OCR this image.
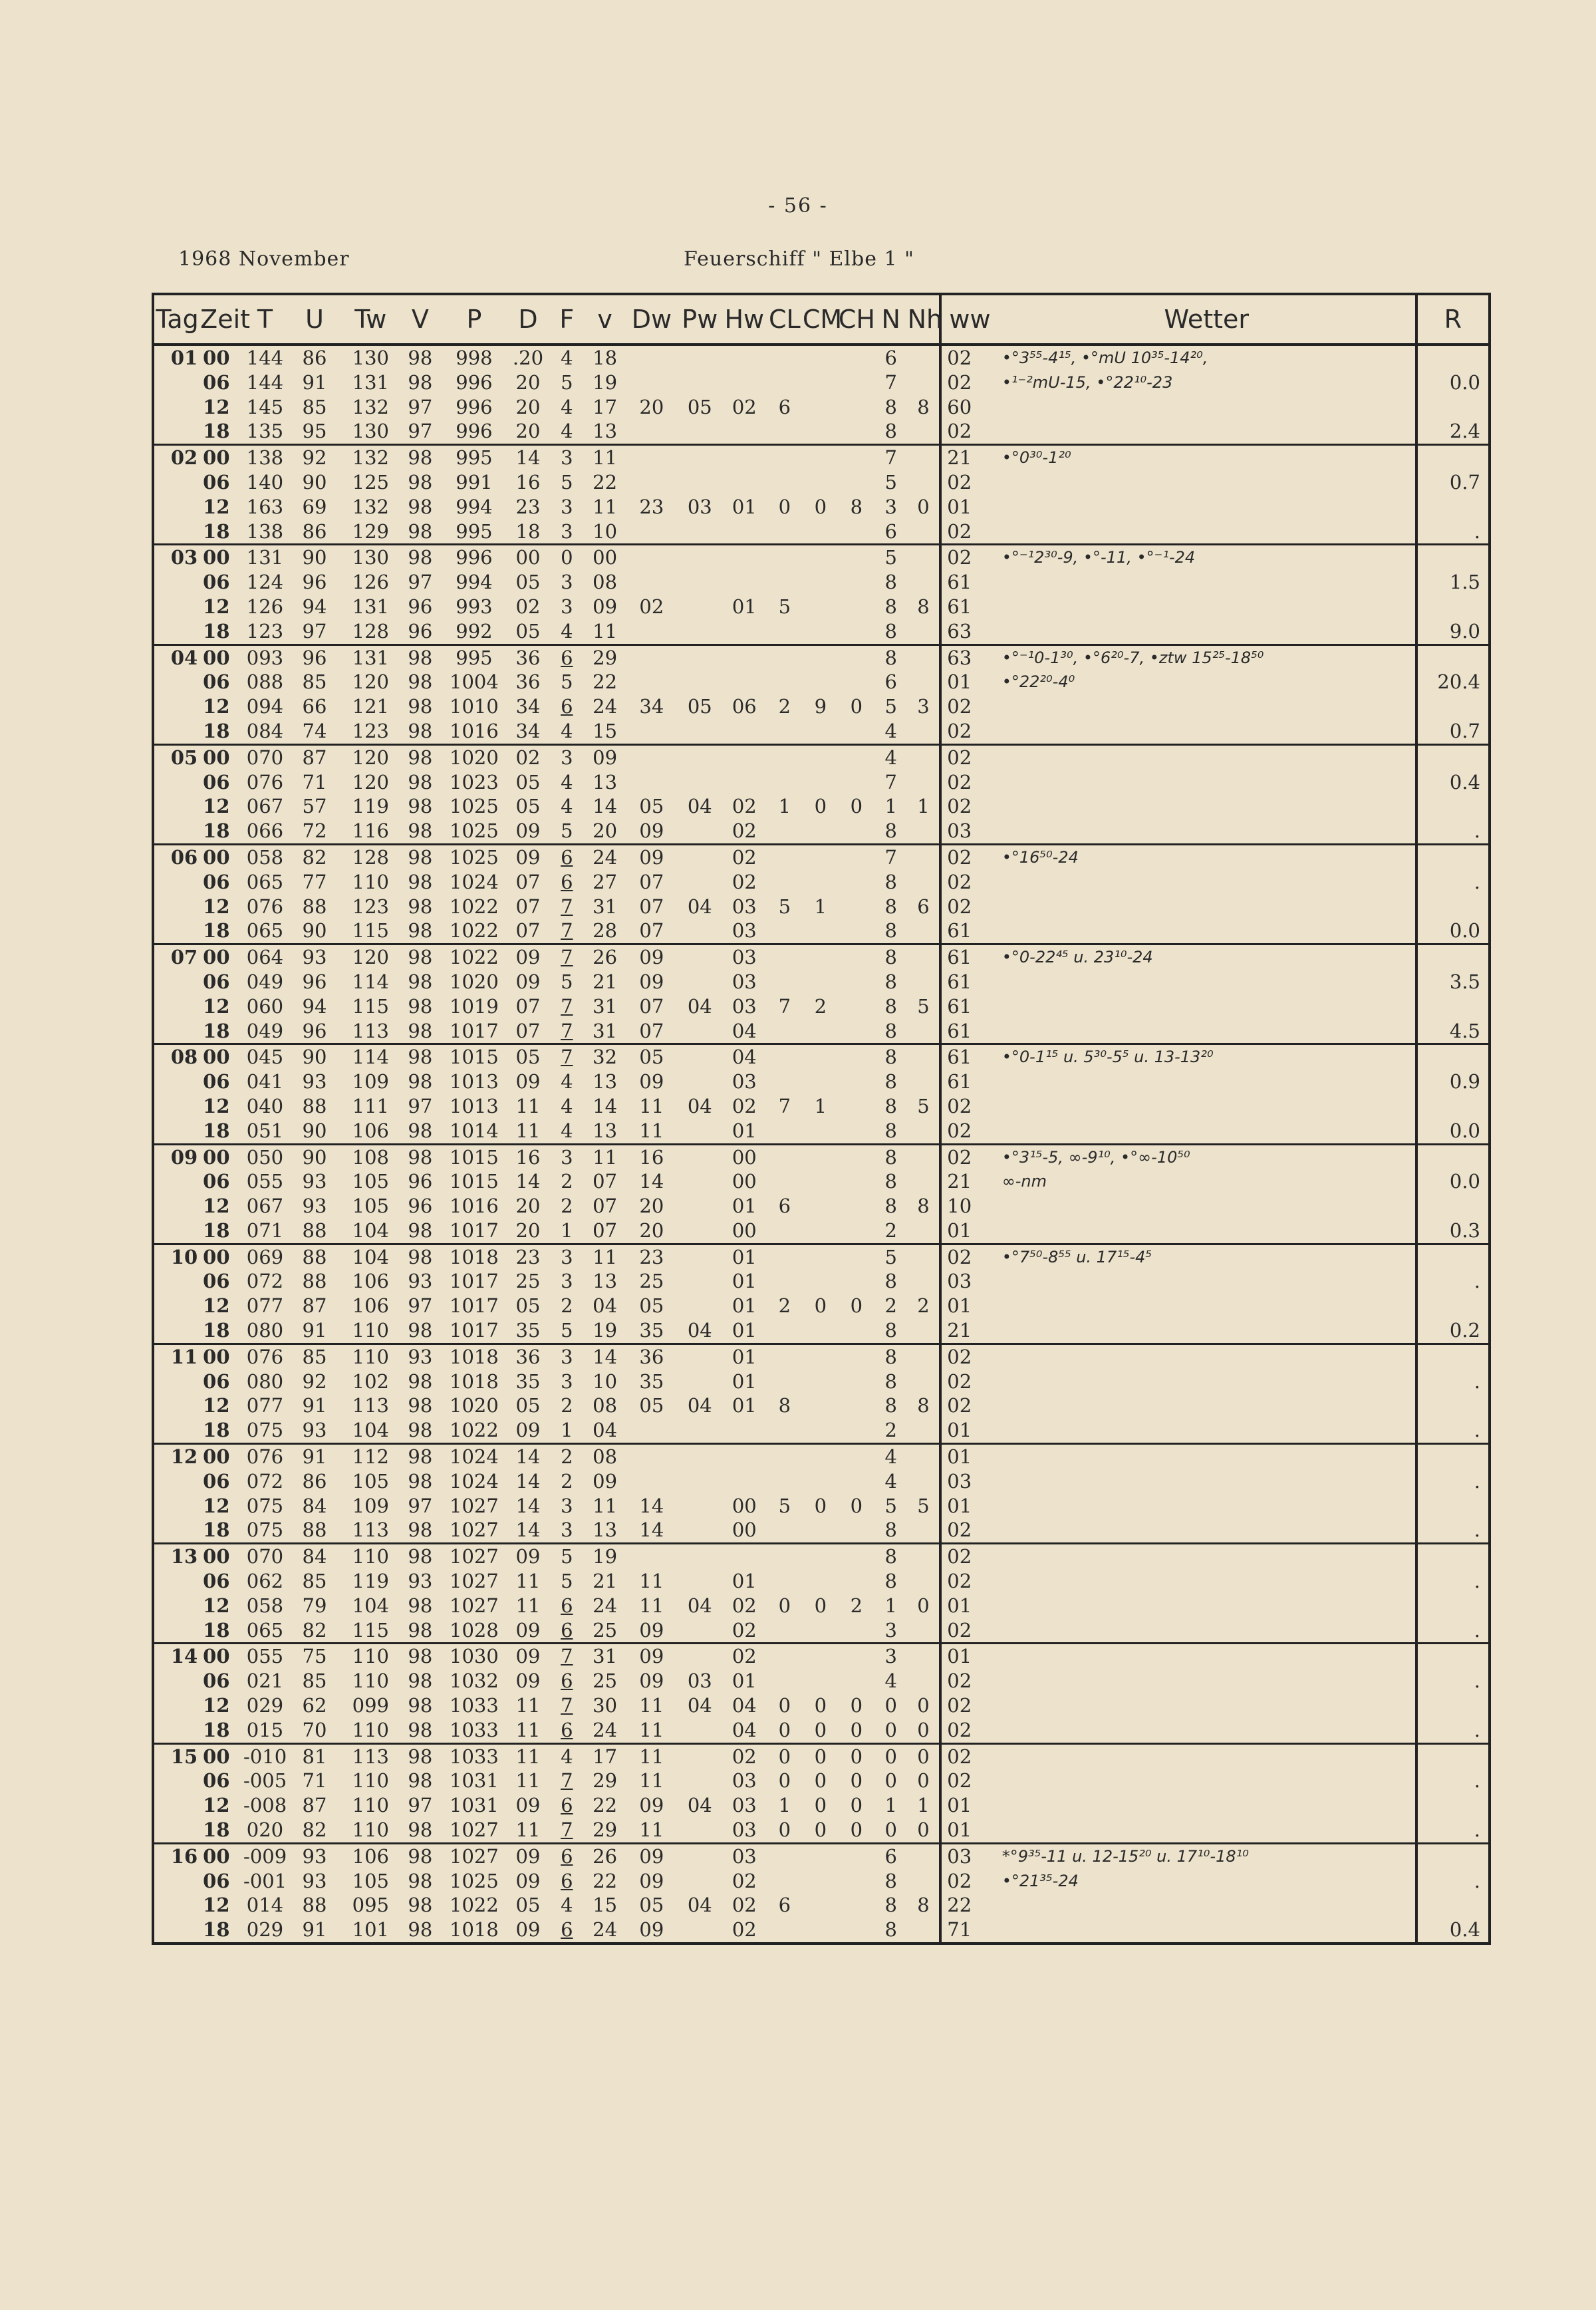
- 56 -
1968 November	Feuerschiff " Elbe 1 "
Tag	Zeit	T	U	Tw	V	P	D	F	v	Dw	Pw	Hw	CL	CM	CH	N	Nh	ww	Wetter	R
01	00	144	86	130	98	998	.20	4	18							6		02	•°3⁵⁵-4¹⁵, •°mU 10³⁵-14²⁰,	
	06	144	91	131	98	996	20	5	19							7		02	•¹⁻²mU-15, •°22¹⁰-23	0.0
	12	145	85	132	97	996	20	4	17	20	05	02	6			8	8	60		
	18	135	95	130	97	996	20	4	13							8		02		2.4
02	00	138	92	132	98	995	14	3	11							7		21	•°0³⁰-1²⁰	
	06	140	90	125	98	991	16	5	22							5		02		0.7
	12	163	69	132	98	994	23	3	11	23	03	01	0	0	8	3	0	01		
	18	138	86	129	98	995	18	3	10							6		02		.
03	00	131	90	130	98	996	00	0	00							5		02	•°⁻¹2³⁰-9, •°-11, •°⁻¹-24	
	06	124	96	126	97	994	05	3	08							8		61		1.5
	12	126	94	131	96	993	02	3	09	02		01	5			8	8	61		
	18	123	97	128	96	992	05	4	11							8		63		9.0
04	00	093	96	131	98	995	36	6	29							8		63	•°⁻¹0-1³⁰, •°6²⁰-7, •ztw 15²⁵-18⁵⁰	
	06	088	85	120	98	1004	36	5	22							6		01	•°22²⁰-4⁰	20.4
	12	094	66	121	98	1010	34	6	24	34	05	06	2	9	0	5	3	02		
	18	084	74	123	98	1016	34	4	15							4		02		0.7
05	00	070	87	120	98	1020	02	3	09							4		02		
	06	076	71	120	98	1023	05	4	13							7		02		0.4
	12	067	57	119	98	1025	05	4	14	05	04	02	1	0	0	1	1	02		
	18	066	72	116	98	1025	09	5	20	09		02				8		03		.
06	00	058	82	128	98	1025	09	6	24	09		02				7		02	•°16⁵⁰-24	
	06	065	77	110	98	1024	07	6	27	07		02				8		02		.
	12	076	88	123	98	1022	07	7	31	07	04	03	5	1		8	6	02		
	18	065	90	115	98	1022	07	7	28	07		03				8		61		0.0
07	00	064	93	120	98	1022	09	7	26	09		03				8		61	•°0-22⁴⁵ u. 23¹⁰-24	
	06	049	96	114	98	1020	09	5	21	09		03				8		61		3.5
	12	060	94	115	98	1019	07	7	31	07	04	03	7	2		8	5	61		
	18	049	96	113	98	1017	07	7	31	07		04				8		61		4.5
08	00	045	90	114	98	1015	05	7	32	05		04				8		61	•°0-1¹⁵ u. 5³⁰-5⁵ u. 13-13²⁰	
	06	041	93	109	98	1013	09	4	13	09		03				8		61		0.9
	12	040	88	111	97	1013	11	4	14	11	04	02	7	1		8	5	02		
	18	051	90	106	98	1014	11	4	13	11		01				8		02		0.0
09	00	050	90	108	98	1015	16	3	11	16		00				8		02	•°3¹⁵-5, ∞-9¹⁰, •°∞-10⁵⁰	
	06	055	93	105	96	1015	14	2	07	14		00				8		21	∞-nm	0.0
	12	067	93	105	96	1016	20	2	07	20		01	6			8	8	10		
	18	071	88	104	98	1017	20	1	07	20		00				2		01		0.3
10	00	069	88	104	98	1018	23	3	11	23		01				5		02	•°7⁵⁰-8⁵⁵ u. 17¹⁵-4⁵	
	06	072	88	106	93	1017	25	3	13	25		01				8		03		.
	12	077	87	106	97	1017	05	2	04	05		01	2	0	0	2	2	01		
	18	080	91	110	98	1017	35	5	19	35	04	01				8		21		0.2
11	00	076	85	110	93	1018	36	3	14	36		01				8		02		
	06	080	92	102	98	1018	35	3	10	35		01				8		02		.
	12	077	91	113	98	1020	05	2	08	05	04	01	8			8	8	02		
	18	075	93	104	98	1022	09	1	04							2		01		.
12	00	076	91	112	98	1024	14	2	08							4		01		
	06	072	86	105	98	1024	14	2	09							4		03		.
	12	075	84	109	97	1027	14	3	11	14		00	5	0	0	5	5	01		
	18	075	88	113	98	1027	14	3	13	14		00				8		02		.
13	00	070	84	110	98	1027	09	5	19							8		02		
	06	062	85	119	93	1027	11	5	21	11		01				8		02		.
	12	058	79	104	98	1027	11	6	24	11	04	02	0	0	2	1	0	01		
	18	065	82	115	98	1028	09	6	25	09		02				3		02		.
14	00	055	75	110	98	1030	09	7	31	09		02				3		01		
	06	021	85	110	98	1032	09	6	25	09	03	01				4		02		.
	12	029	62	099	98	1033	11	7	30	11	04	04	0	0	0	0	0	02		
	18	015	70	110	98	1033	11	6	24	11		04	0	0	0	0	0	02		.
15	00	-010	81	113	98	1033	11	4	17	11		02	0	0	0	0	0	02		
	06	-005	71	110	98	1031	11	7	29	11		03	0	0	0	0	0	02		.
	12	-008	87	110	97	1031	09	6	22	09	04	03	1	0	0	1	1	01		
	18	020	82	110	98	1027	11	7	29	11		03	0	0	0	0	0	01		.
16	00	-009	93	106	98	1027	09	6	26	09		03				6		03	*°9³⁵-11 u. 12-15²⁰ u. 17¹⁰-18¹⁰	
	06	-001	93	105	98	1025	09	6	22	09		02				8		02	•°21³⁵-24	.
	12	014	88	095	98	1022	05	4	15	05	04	02	6			8	8	22		
	18	029	91	101	98	1018	09	6	24	09		02				8		71		0.4
